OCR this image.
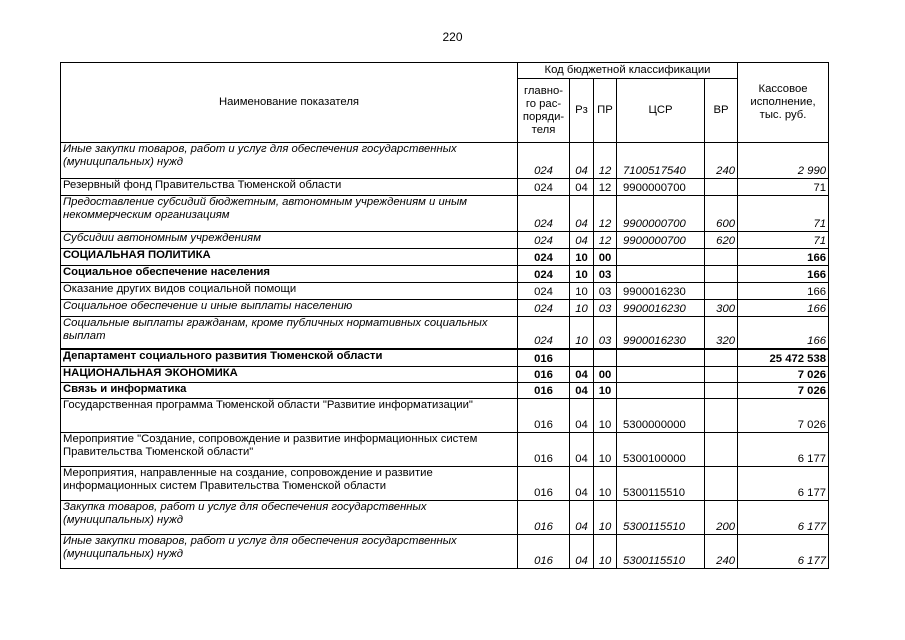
220
Наименование показателя	Код бюджетной классификации					Кассовое исполнение, тыс. руб.
	главно-го рас-поряди-теля	Рз	ПР	ЦСР	ВР	
Иные закупки товаров, работ и услуг для обеспечения государственных (муниципальных) нужд	024	04	12	7100517540	240	2 990
Резервный фонд Правительства Тюменской области	024	04	12	9900000700		71
Предоставление субсидий бюджетным, автономным учреждениям и иным некоммерческим организациям	024	04	12	9900000700	600	71
Субсидии автономным учреждениям	024	04	12	9900000700	620	71
СОЦИАЛЬНАЯ ПОЛИТИКА	024	10	00			166
Социальное обеспечение населения	024	10	03			166
Оказание других видов социальной помощи	024	10	03	9900016230		166
Социальное обеспечение и иные выплаты населению	024	10	03	9900016230	300	166
Социальные выплаты гражданам, кроме публичных нормативных социальных выплат	024	10	03	9900016230	320	166
Департамент социального развития Тюменской области	016					25 472 538
НАЦИОНАЛЬНАЯ ЭКОНОМИКА	016	04	00			7 026
Связь и информатика	016	04	10			7 026
Государственная программа Тюменской области "Развитие информатизации"	016	04	10	5300000000		7 026
Мероприятие "Создание, сопровождение и развитие информационных систем Правительства Тюменской области"	016	04	10	5300100000		6 177
Мероприятия, направленные на создание, сопровождение и развитие информационных систем Правительства Тюменской области	016	04	10	5300115510		6 177
Закупка товаров, работ и услуг для обеспечения государственных (муниципальных) нужд	016	04	10	5300115510	200	6 177
Иные закупки товаров, работ и услуг для обеспечения государственных (муниципальных) нужд	016	04	10	5300115510	240	6 177
